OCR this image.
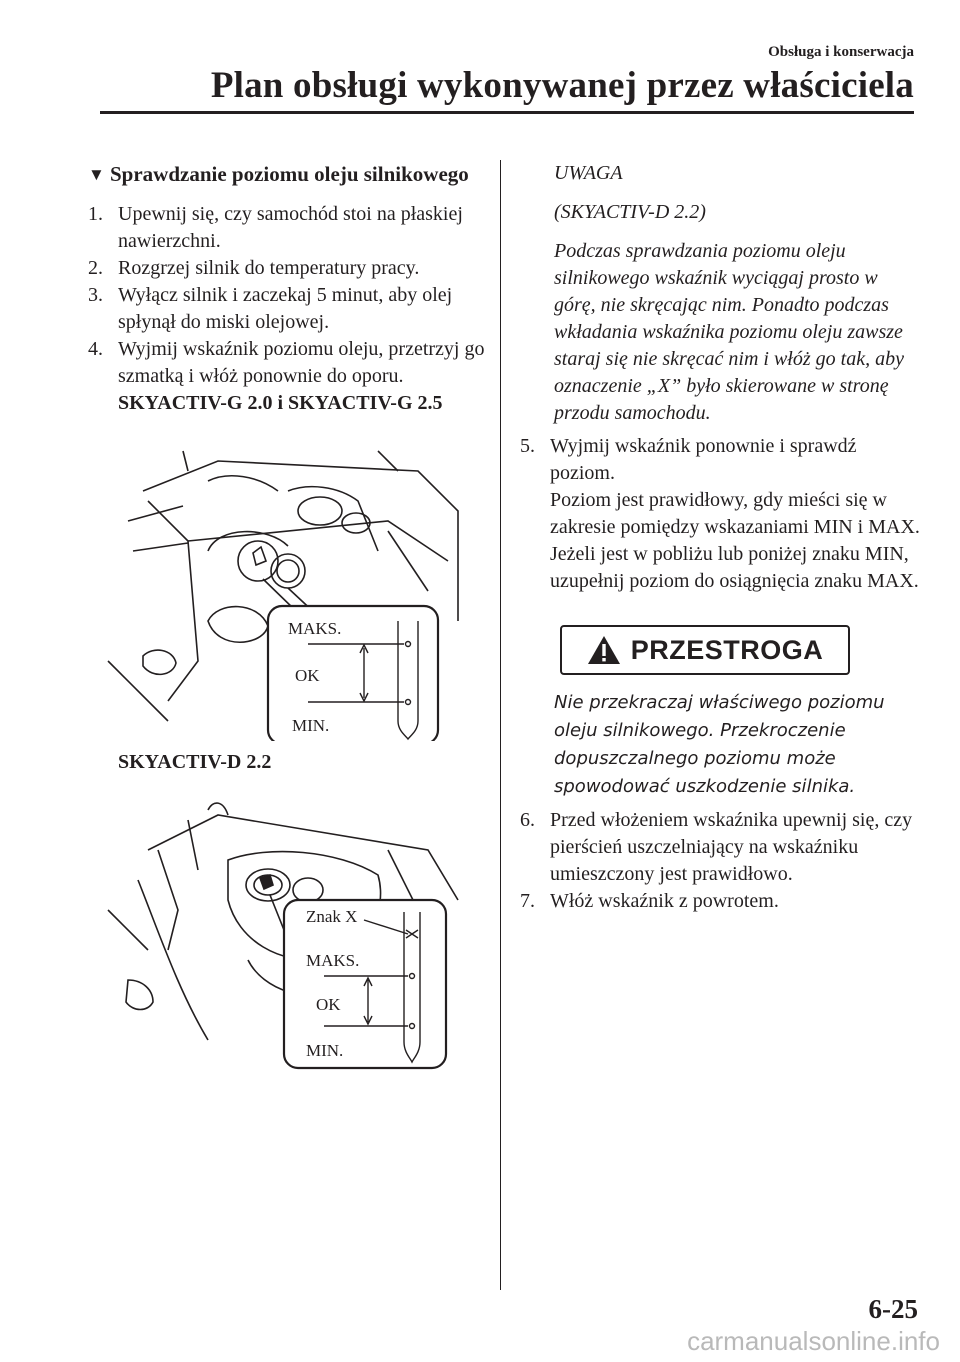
Obsługa i konserwacja
Plan obsługi wykonywanej przez właściciela
▼ Sprawdzanie poziomu oleju silnikowego
1. Upewnij się, czy samochód stoi na płaskiej nawierzchni.
2. Rozgrzej silnik do temperatury pracy.
3. Wyłącz silnik i zaczekaj 5 minut, aby olej spłynął do miski olejowej.
4. Wyjmij wskaźnik poziomu oleju, przetrzyj go szmatką i włóż ponownie do oporu.
SKYACTIV-G 2.0 i SKYACTIV-G 2.5
MAKS.
OK
MIN.
SKYACTIV-D 2.2
Znak X
MAKS.
OK
MIN.

UWAGA

(SKYACTIV-D 2.2)

Podczas sprawdzania poziomu oleju silnikowego wskaźnik wyciągaj prosto w górę, nie skręcając nim. Ponadto podczas wkładania wskaźnika poziomu oleju zawsze staraj się nie skręcać nim i włóż go tak, aby oznaczenie „X” było skierowane w stronę przodu samochodu.

5. Wyjmij wskaźnik ponownie i sprawdź poziom.
Poziom jest prawidłowy, gdy mieści się w zakresie pomiędzy wskazaniami MIN i MAX.
Jeżeli jest w pobliżu lub poniżej znaku MIN, uzupełnij poziom do osiągnięcia znaku MAX.
PRZESTROGA
Nie przekraczaj właściwego poziomu oleju silnikowego. Przekroczenie dopuszczalnego poziomu może spowodować uszkodzenie silnika.
6. Przed włożeniem wskaźnika upewnij się, czy pierścień uszczelniający na wskaźniku umieszczony jest prawidłowo.
7. Włóż wskaźnik z powrotem.
6-25
carmanualsonline.info
